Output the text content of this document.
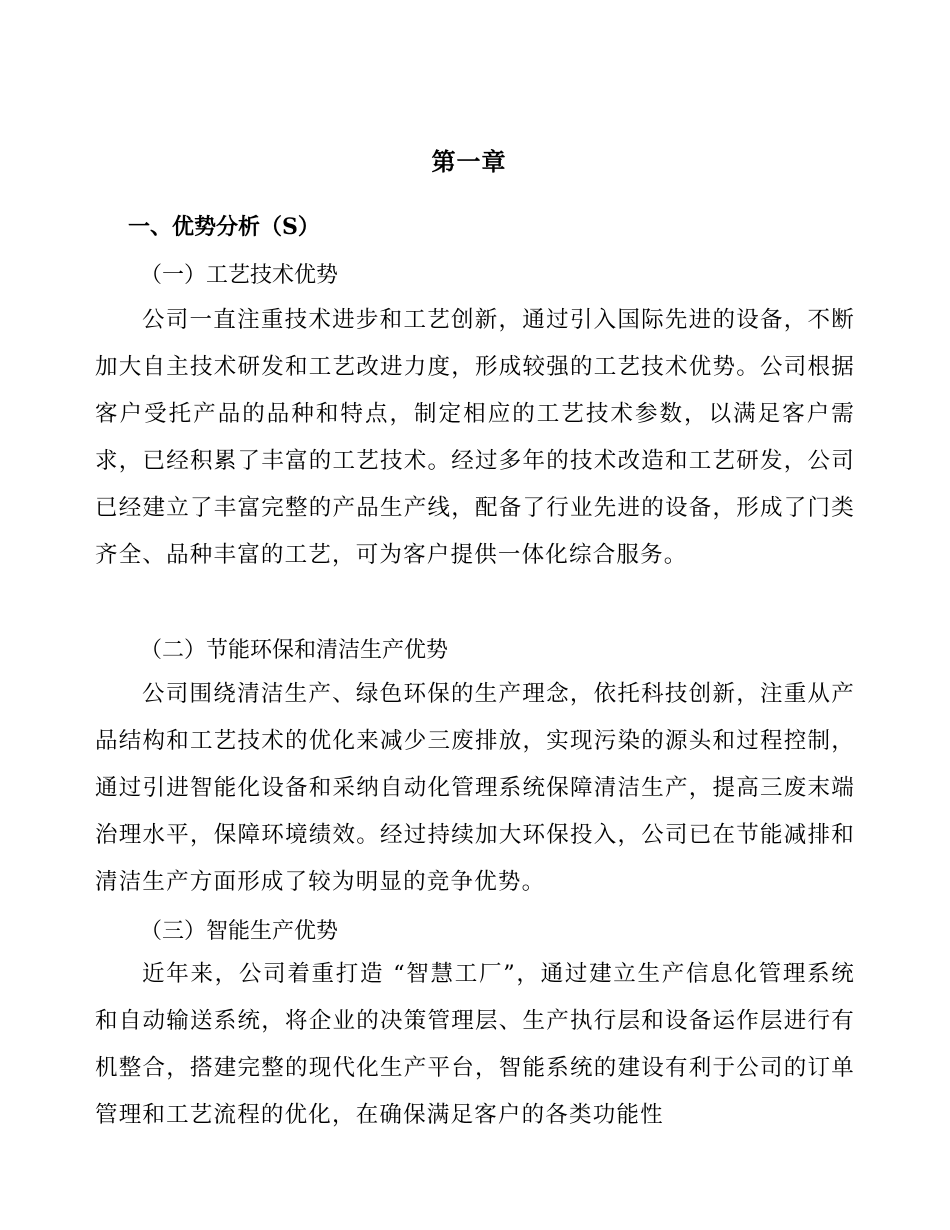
第一章
一、优势分析（S）
（一）工艺技术优势

公司一直注重技术进步和工艺创新，通过引入国际先进的设备，不断加大自主技术研发和工艺改进力度，形成较强的工艺技术优势。公司根据客户受托产品的品种和特点，制定相应的工艺技术参数，以满足客户需求，已经积累了丰富的工艺技术。经过多年的技术改造和工艺研发，公司已经建立了丰富完整的产品生产线，配备了行业先进的设备，形成了门类齐全、品种丰富的工艺，可为客户提供一体化综合服务。

（二）节能环保和清洁生产优势

公司围绕清洁生产、绿色环保的生产理念，依托科技创新，注重从产品结构和工艺技术的优化来减少三废排放，实现污染的源头和过程控制，通过引进智能化设备和采纳自动化管理系统保障清洁生产，提高三废末端治理水平，保障环境绩效。经过持续加大环保投入，公司已在节能减排和清洁生产方面形成了较为明显的竞争优势。

（三）智能生产优势

近年来，公司着重打造 “智慧工厂”，通过建立生产信息化管理系统和自动输送系统，将企业的决策管理层、生产执行层和设备运作层进行有机整合，搭建完整的现代化生产平台，智能系统的建设有利于公司的订单管理和工艺流程的优化，在确保满足客户的各类功能性
